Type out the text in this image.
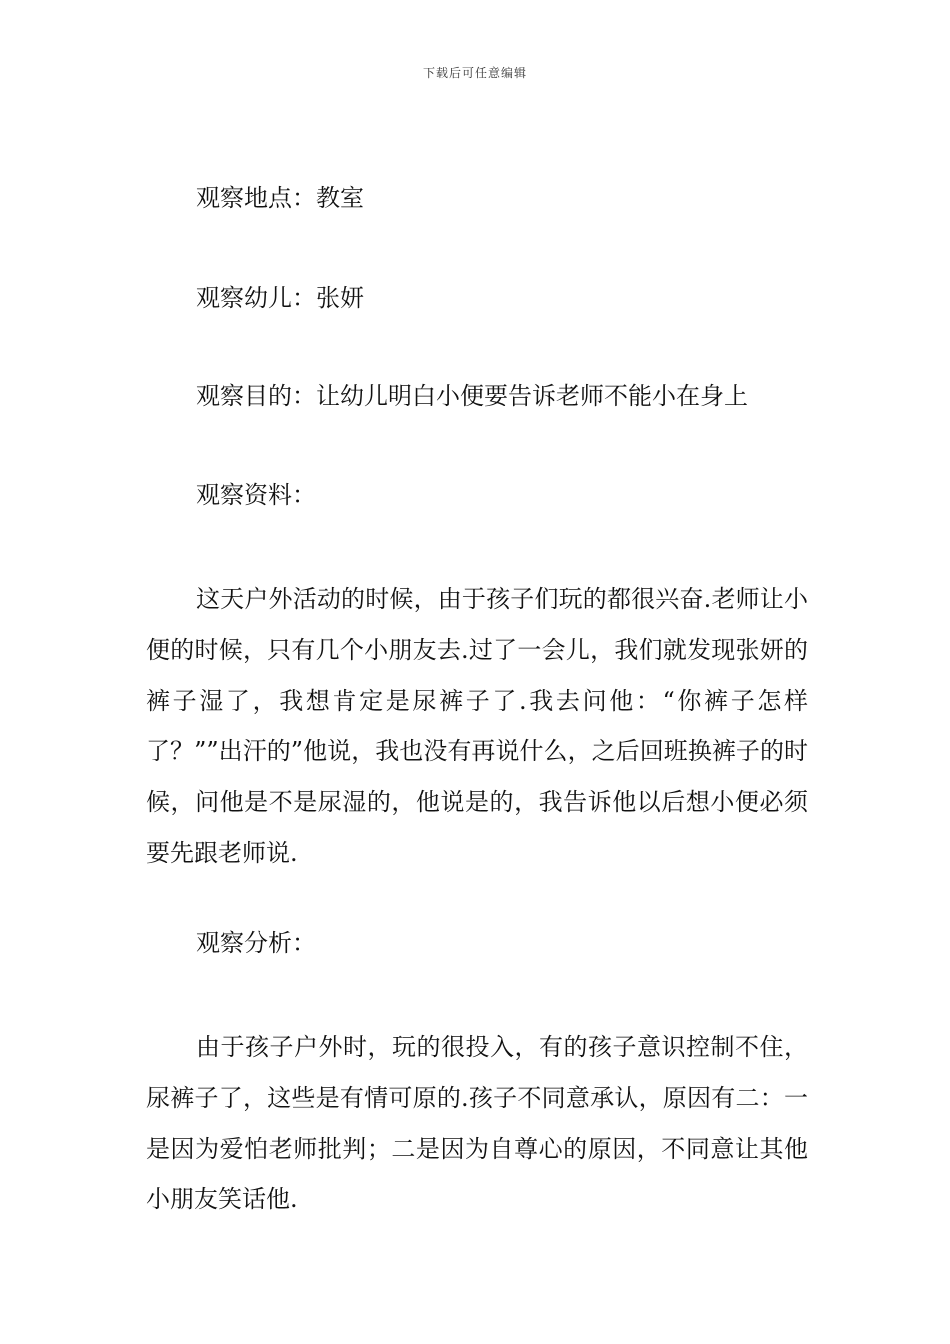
下载后可任意编辑
观察地点：教室
观察幼儿：张妍
观察目的：让幼儿明白小便要告诉老师不能小在身上
观察资料：
这天户外活动的时候，由于孩子们玩的都很兴奋.老师让小便的时候，只有几个小朋友去.过了一会儿，我们就发现张妍的裤子湿了，我想肯定是尿裤子了.我去问他：“你裤子怎样了？””出汗的”他说，我也没有再说什么，之后回班换裤子的时候，问他是不是尿湿的，他说是的，我告诉他以后想小便必须要先跟老师说.
观察分析：
由于孩子户外时，玩的很投入，有的孩子意识控制不住，尿裤子了，这些是有情可原的.孩子不同意承认，原因有二：一是因为爱怕老师批判；二是因为自尊心的原因，不同意让其他小朋友笑话他.
